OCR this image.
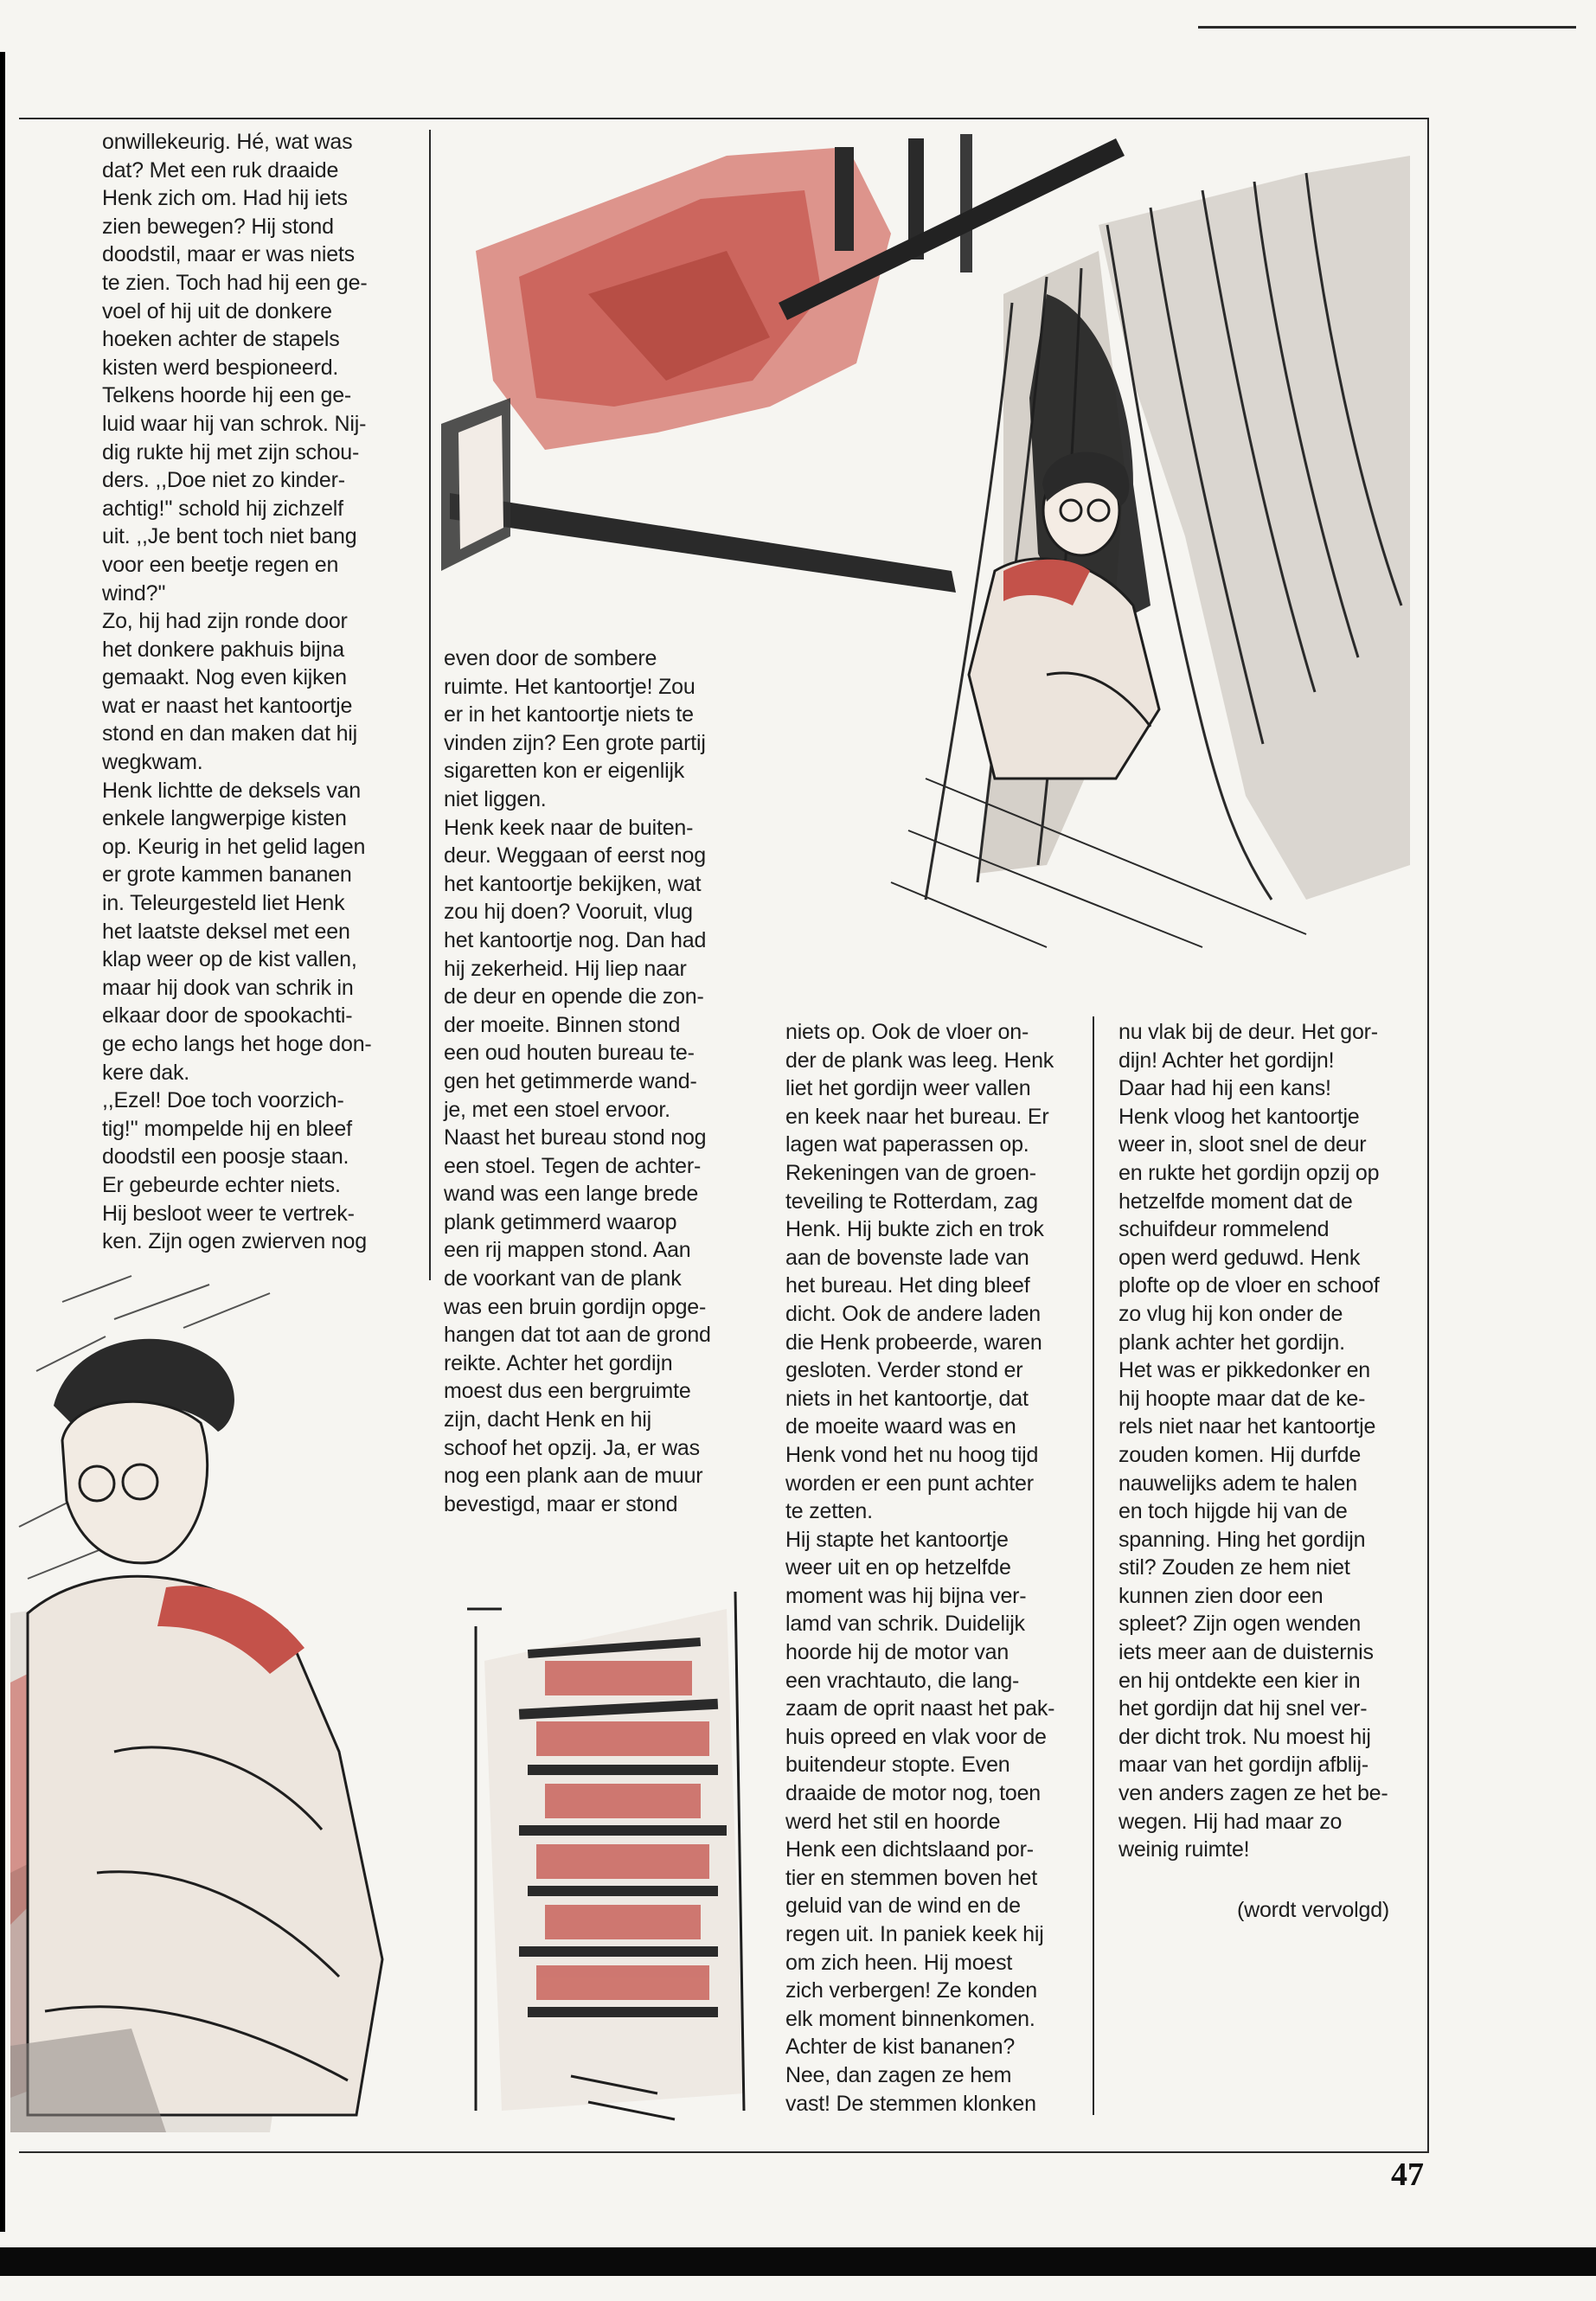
onwillekeurig. Hé, wat was
dat? Met een ruk draaide
Henk zich om. Had hij iets
zien bewegen? Hij stond
doodstil, maar er was niets
te zien. Toch had hij een ge-
voel of hij uit de donkere
hoeken achter de stapels
kisten werd bespioneerd.
Telkens hoorde hij een ge-
luid waar hij van schrok. Nij-
dig rukte hij met zijn schou-
ders. ,,Doe niet zo kinder-
achtig!'' schold hij zichzelf
uit. ,,Je bent toch niet bang
voor een beetje regen en
wind?''
Zo, hij had zijn ronde door
het donkere pakhuis bijna
gemaakt. Nog even kijken
wat er naast het kantoortje
stond en dan maken dat hij
wegkwam.
Henk lichtte de deksels van
enkele langwerpige kisten
op. Keurig in het gelid lagen
er grote kammen bananen
in. Teleurgesteld liet Henk
het laatste deksel met een
klap weer op de kist vallen,
maar hij dook van schrik in
elkaar door de spookachti-
ge echo langs het hoge don-
kere dak.
,,Ezel! Doe toch voorzich-
tig!'' mompelde hij en bleef
doodstil een poosje staan.
Er gebeurde echter niets.
Hij besloot weer te vertrek-
ken. Zijn ogen zwierven nog
even door de sombere
ruimte. Het kantoortje! Zou
er in het kantoortje niets te
vinden zijn? Een grote partij
sigaretten kon er eigenlijk
niet liggen.
Henk keek naar de buiten-
deur. Weggaan of eerst nog
het kantoortje bekijken, wat
zou hij doen? Vooruit, vlug
het kantoortje nog. Dan had
hij zekerheid. Hij liep naar
de deur en opende die zon-
der moeite. Binnen stond
een oud houten bureau te-
gen het getimmerde wand-
je, met een stoel ervoor.
Naast het bureau stond nog
een stoel. Tegen de achter-
wand was een lange brede
plank getimmerd waarop
een rij mappen stond. Aan
de voorkant van de plank
was een bruin gordijn opge-
hangen dat tot aan de grond
reikte. Achter het gordijn
moest dus een bergruimte
zijn, dacht Henk en hij
schoof het opzij. Ja, er was
nog een plank aan de muur
bevestigd, maar er stond
niets op. Ook de vloer on-
der de plank was leeg. Henk
liet het gordijn weer vallen
en keek naar het bureau. Er
lagen wat paperassen op.
Rekeningen van de groen-
teveiling te Rotterdam, zag
Henk. Hij bukte zich en trok
aan de bovenste lade van
het bureau. Het ding bleef
dicht. Ook de andere laden
die Henk probeerde, waren
gesloten. Verder stond er
niets in het kantoortje, dat
de moeite waard was en
Henk vond het nu hoog tijd
worden er een punt achter
te zetten.
Hij stapte het kantoortje
weer uit en op hetzelfde
moment was hij bijna ver-
lamd van schrik. Duidelijk
hoorde hij de motor van
een vrachtauto, die lang-
zaam de oprit naast het pak-
huis opreed en vlak voor de
buitendeur stopte. Even
draaide de motor nog, toen
werd het stil en hoorde
Henk een dichtslaand por-
tier en stemmen boven het
geluid van de wind en de
regen uit. In paniek keek hij
om zich heen. Hij moest
zich verbergen! Ze konden
elk moment binnenkomen.
Achter de kist bananen?
Nee, dan zagen ze hem
vast! De stemmen klonken
nu vlak bij de deur. Het gor-
dijn! Achter het gordijn!
Daar had hij een kans!
Henk vloog het kantoortje
weer in, sloot snel de deur
en rukte het gordijn opzij op
hetzelfde moment dat de
schuifdeur rommelend
open werd geduwd. Henk
plofte op de vloer en schoof
zo vlug hij kon onder de
plank achter het gordijn.
Het was er pikkedonker en
hij hoopte maar dat de ke-
rels niet naar het kantoortje
zouden komen. Hij durfde
nauwelijks adem te halen
en toch hijgde hij van de
spanning. Hing het gordijn
stil? Zouden ze hem niet
kunnen zien door een
spleet? Zijn ogen wenden
iets meer aan de duisternis
en hij ontdekte een kier in
het gordijn dat hij snel ver-
der dicht trok. Nu moest hij
maar van het gordijn afblij-
ven anders zagen ze het be-
wegen. Hij had maar zo
weinig ruimte!
(wordt vervolgd)
47
